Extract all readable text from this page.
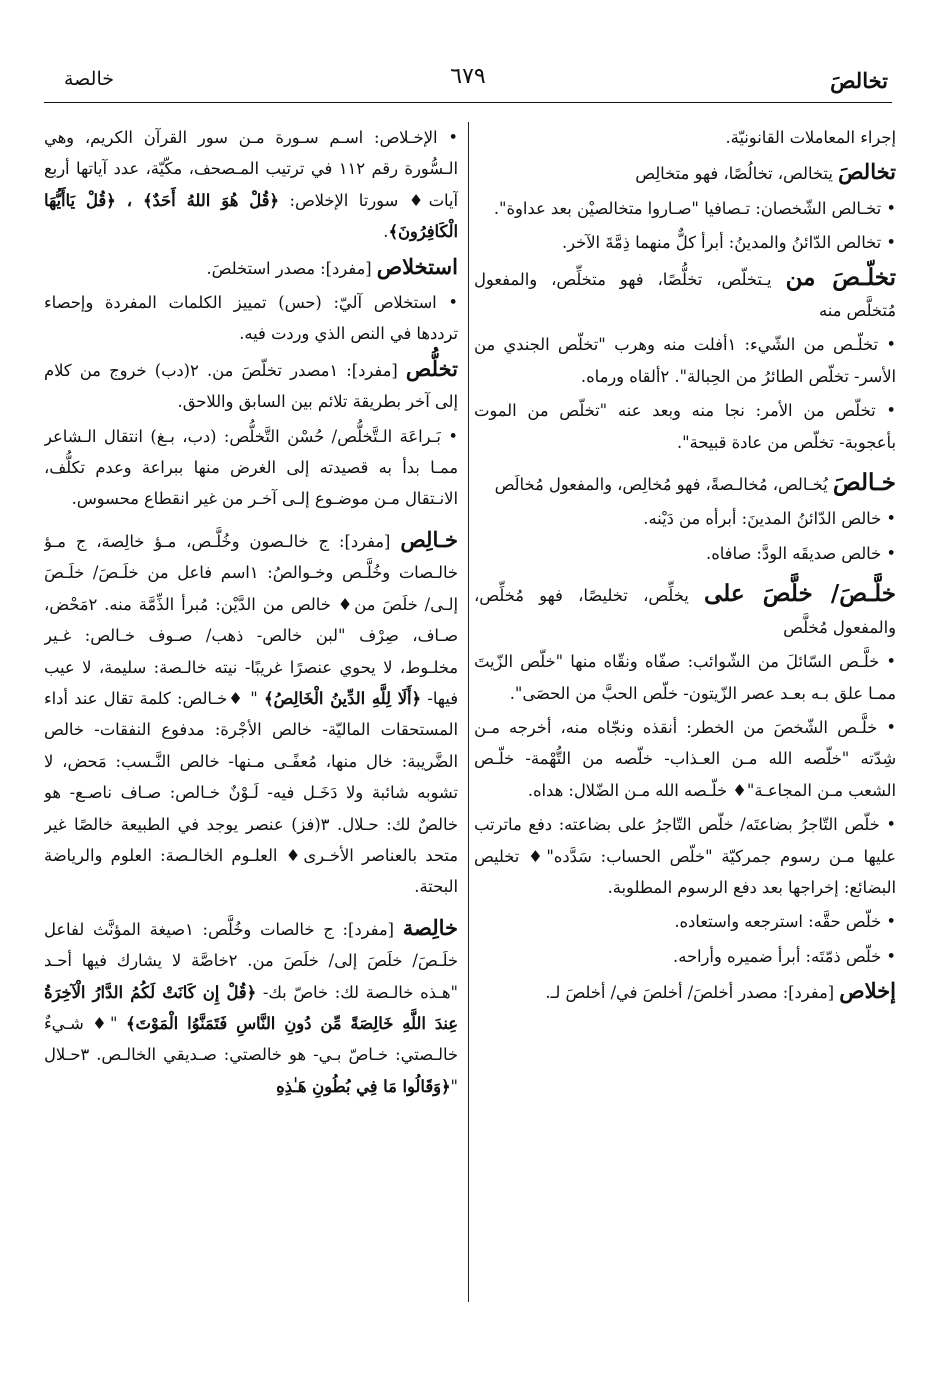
تخالصَ
٦٧٩
خالصة
إجراء المعاملات القانونيّة.
تخالصَ يتخالص، تخالُصًا، فهو متخالِص
• تخـالص الشّخصان: تـصافيا "صـاروا متخالصيْن بعد عداوة".
• تخالص الدّائنُ والمدينُ: أبرأ كلٌّ منهما ذِمَّةَ الآخر.
تخلّـصَ من يـتخلّص، تخلُّصًا، فهو متخلِّص، والمفعول مُتخلَّص منه
• تخلّـص من الشّيء: ١أفلت منه وهرب "تخلّص الجندي من الأسر- تخلّص الطائرُ من الحِبالة". ٢ألقاه ورماه.
• تخلّص من الأمر: نجا منه وبعد عنه "تخلّص من الموت بأعجوبة- تخلّص من عادة قبيحة".
خـالصَ يُخـالص، مُخالـصةً، فهو مُخالِص، والمفعول مُخالَص
• خالص الدّائنُ المدينَ: أبرأه من دَيْنه.
• خالص صديقَه الودَّ: صافاه.
خلَّـصَ/ خلَّصَ على يخلِّص، تخليصًا، فهو مُخلِّص، والمفعول مُخلَّص
• خلَّـص السّائلَ من الشّوائب: صفّاه ونقّاه منها "خلّص الزّيتَ ممـا علق بـه بعـد عصر الزّيتون- خلّص الحبَّ من الحصَى".
• خلَّـص الشّخصَ من الخطر: أنقذه ونجّاه منه، أخرجه مـن شِدّته "خلّصه الله مـن العـذاب- خلّصه من التُّهْمة- خلّـص الشعب مـن المجاعـة"♦ خلّـصه الله مـن الضّلال: هداه.
• خلّص التّاجرُ بضاعتَه/ خلّص التّاجرُ على بضاعته: دفع ماترتب عليها مـن رسوم جمركيّة "خلّص الحساب: سَدَّده"♦ تخليص البضائع: إخراجها بعد دفع الرسوم المطلوبة.
• خلّص حقَّه: استرجعه واستعاده.
• خلّص ذمّتَه: أبرأ ضميره وأراحه.
إخلاص [مفرد]: مصدر أخلصَ/ أخلصَ في/ أخلصَ لـ.
• الإخـلاص: اسـم سـورة مـن سور القرآن الكريم، وهي الـسُّورة رقم ١١٢ في ترتيب المـصحف، مكّيّة، عدد آياتها أربع آيات♦ سورتا الإخلاص: ﴿قُلْ هُوَ اللهُ أَحَدٌ﴾ ، ﴿قُلْ يَاأَيُّهَا الْكَافِرُونَ﴾.
استخلاص [مفرد]: مصدر استخلصَ.
• استخلاص آليّ: (حس) تمييز الكلمات المفردة وإحصاء ترددها في النص الذي وردت فيه.
تخلُّص [مفرد]: ١مصدر تخلّصَ من. ٢(دب) خروج من كلام إلى آخر بطريقة تلائم بين السابق واللاحق.
• بَـراعَة الـتَّخلُّص/ حُسْن التَّخلُّص: (دب، بـغ) انتقال الـشاعر ممـا بدأ به قصيدته إلى الغرض منها ببراعة وعدم تكلُّف، الانـتقال مـن موضـوع إلـى آخـر من غير انقطاع محسوس.
خـالِص [مفرد]: ج خالـصون وخُلَّـص، مـؤ خالِصة، ج مـؤ خالـصات وخُلَّـص وخـوالصُ: ١اسم فاعل من خلَـصَ/ خلَـصَ إلـى/ خلَصَ من♦ خالص من الدَّيْن: مُبرأ الذِّمَّة منه. ٢مَحْض، صـاف، صِرْف "لبن خالص- ذهب/ صـوف خـالص: غـير مخلـوط، لا يحوي عنصرًا غريبًا- نيته خالـصة: سليمة، لا عيب فيها- ﴿أَلَا لِلَّهِ الدِّينُ الْخَالِصُ﴾ " ♦خـالص: كلمة تقال عند أداء المستحقات الماليّة- خالص الأجْرة: مدفوع النفقات- خالص الضَّريبة: خال منها، مُعفًـى مـنها- خالص النَّـسب: مَحض، لا تشوبه شائبة ولا دَخَـل فيه- لَـوْنٌ خـالص: صـاف ناصـع- هو خالصٌ لك: حـلال. ٣(فز) عنصر يوجد في الطبيعة خالصًا غير متحد بالعناصر الأخـرى♦ العلـوم الخالـصة: العلوم والرياضة البحتة.
خالِصة [مفرد]: ج خالصات وخُلَّص: ١صيغة المؤنَّث لفاعل خلَـصَ/ خلَصَ إلى/ خلَصَ من. ٢خاصَّة لا يشارك فيها أحـد "هـذه خالـصة لك: خاصّ بك- ﴿قُلْ إِن كَانَتْ لَكُمُ الدَّارُ الْآخِرَةُ عِندَ اللَّهِ خَالِصَةً مِّن دُونِ النَّاسِ فَتَمَنَّوُا الْمَوْتَ﴾ "♦ شـيءٌ خالـصتي: خـاصّ بـي- هو خالصتي: صـديقي الخالـص. ٣حـلال "﴿وَقَالُوا مَا فِي بُطُونِ هَـٰذِهِ
